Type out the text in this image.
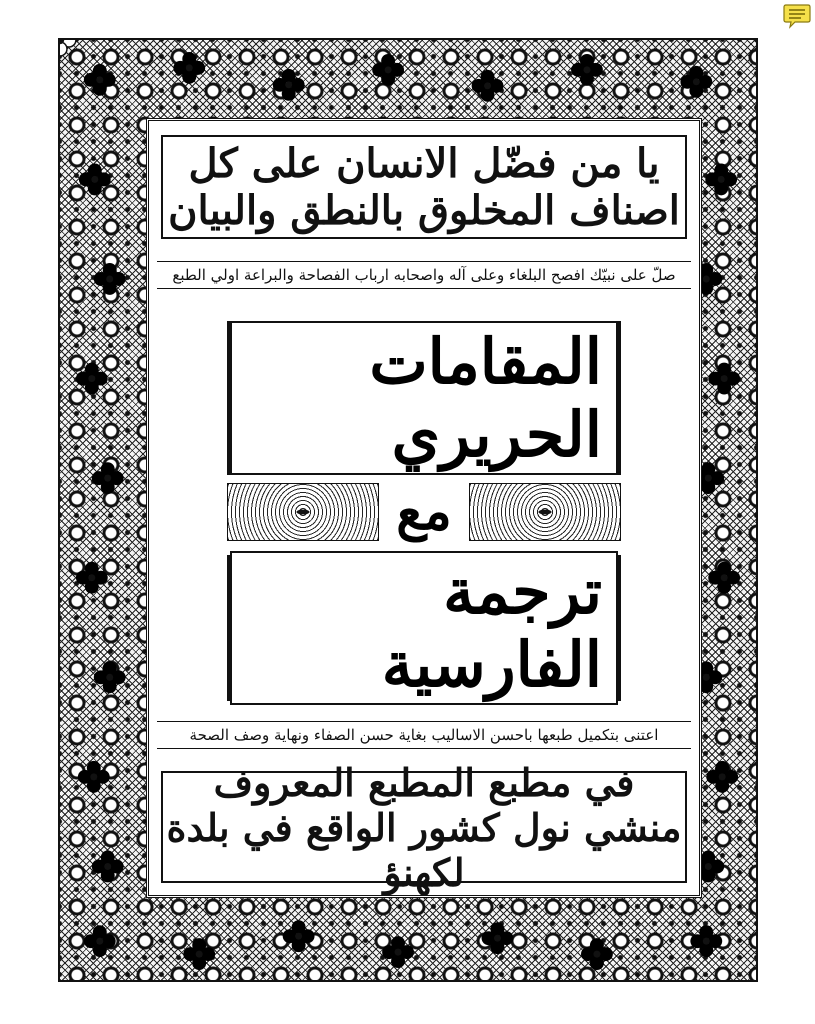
يا من فضّل الانسان على كل اصناف المخلوق بالنطق والبيان
صلّ على نبيّك افصح البلغاء وعلى آله واصحابه ارباب الفصاحة والبراعة اولي الطبع
المقامات الحريري
مع
ترجمة الفارسية
اعتنى بتكميل طبعها باحسن الاساليب بغاية حسن الصفاء ونهاية وصف الصحة
في مطبع المطبع المعروف منشي نول كشور الواقع في بلدة لكهنؤ
